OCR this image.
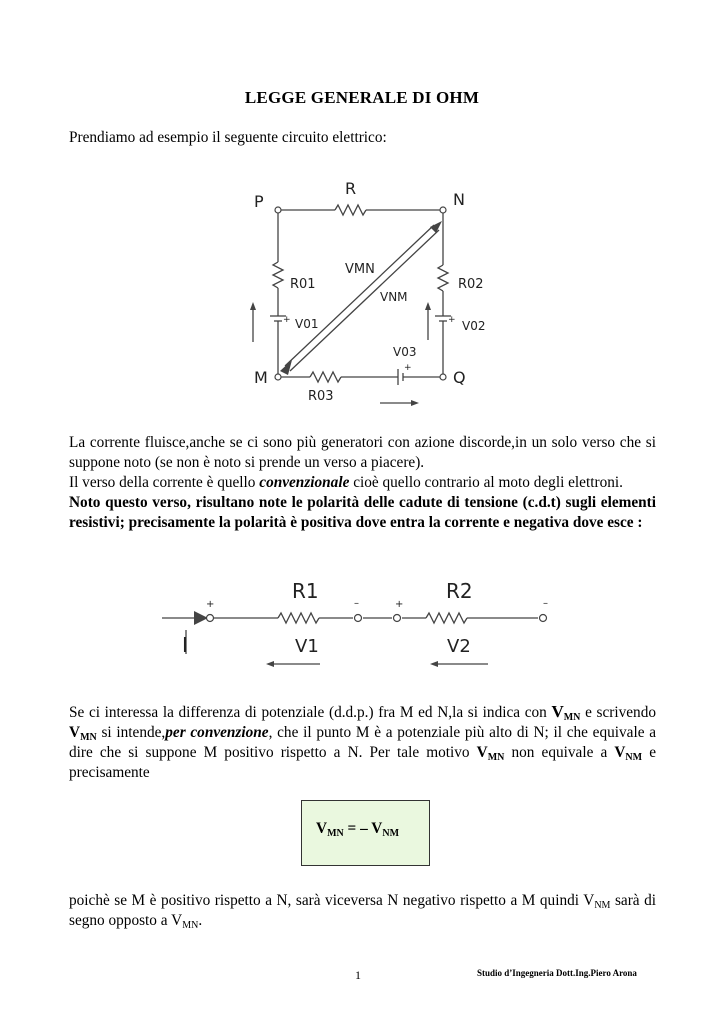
LEGGE GENERALE DI OHM
Prendiamo ad esempio il seguente circuito elettrico:
P	N
M	Q
R
R01	R02
R03
V01	V02
V03
VMN
VNM
+	+
+
La corrente fluisce,anche se ci sono più generatori con azione discorde,in un solo verso che si suppone noto (se non è noto si prende un verso a piacere).
Il verso della corrente è quello convenzionale cioè quello contrario al moto degli elettroni.
Noto questo verso, risultano note le polarità delle cadute di tensione (c.d.t) sugli elementi resistivi; precisamente la polarità è positiva dove entra la corrente e negativa dove esce :
I
R1	R2
V1	V2
+	+
–	–
Se ci interessa la differenza di potenziale (d.d.p.) fra M ed N,la si indica con $V_{MN}$ e scrivendo $V_{MN}$ si intende,per convenzione, che il punto M è a potenziale più alto di N; il che equivale a dire che si suppone M positivo rispetto a N. Per tale motivo $V_{MN}$ non equivale a $V_{NM}$ e precisamente
$V_{MN}$ = – $V_{NM}$
poichè se M è positivo rispetto a N, sarà viceversa N negativo rispetto a M quindi $V_{NM}$ sarà di segno opposto a $V_{MN}$.
1	Studio d’Ingegneria Dott.Ing.Piero Arona
